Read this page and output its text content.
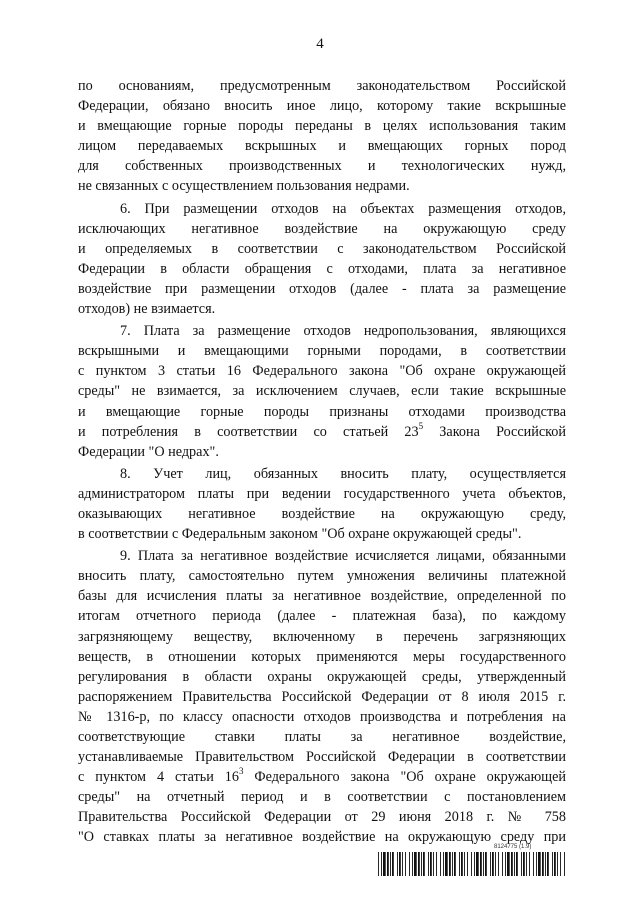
4

по основаниям, предусмотренным законодательством Российской
Федерации, обязано вносить иное лицо, которому такие вскрышные
и вмещающие горные породы переданы в целях использования таким
лицом передаваемых вскрышных и вмещающих горных пород
для собственных производственных и технологических нужд,
не связанных с осуществлением пользования недрами.

6. При размещении отходов на объектах размещения отходов,
исключающих негативное воздействие на окружающую среду
и определяемых в соответствии с законодательством Российской
Федерации в области обращения с отходами, плата за негативное
воздействие при размещении отходов (далее - плата за размещение
отходов) не взимается.

7. Плата за размещение отходов недропользования, являющихся
вскрышными и вмещающими горными породами, в соответствии
с пунктом 3 статьи 16 Федерального закона "Об охране окружающей
среды" не взимается, за исключением случаев, если такие вскрышные
и вмещающие горные породы признаны отходами производства
и потребления в соответствии со статьей $23^5$ Закона Российской
Федерации "О недрах".

8. Учет лиц, обязанных вносить плату, осуществляется
администратором платы при ведении государственного учета объектов,
оказывающих негативное воздействие на окружающую среду,
в соответствии с Федеральным законом "Об охране окружающей среды".

9. Плата за негативное воздействие исчисляется лицами, обязанными
вносить плату, самостоятельно путем умножения величины платежной
базы для исчисления платы за негативное воздействие, определенной по
итогам отчетного периода (далее - платежная база), по каждому
загрязняющему веществу, включенному в перечень загрязняющих
веществ, в отношении которых применяются меры государственного
регулирования в области охраны окружающей среды, утвержденный
распоряжением Правительства Российской Федерации от 8 июля 2015 г.
№ 1316-р, по классу опасности отходов производства и потребления на
соответствующие ставки платы за негативное воздействие,
устанавливаемые Правительством Российской Федерации в соответствии
с пунктом 4 статьи $16^3$ Федерального закона "Об охране окружающей
среды" на отчетный период и в соответствии с постановлением
Правительства Российской Федерации от 29 июня 2018 г. № 758
"О ставках платы за негативное воздействие на окружающую среду при

8124775 (1.9)
